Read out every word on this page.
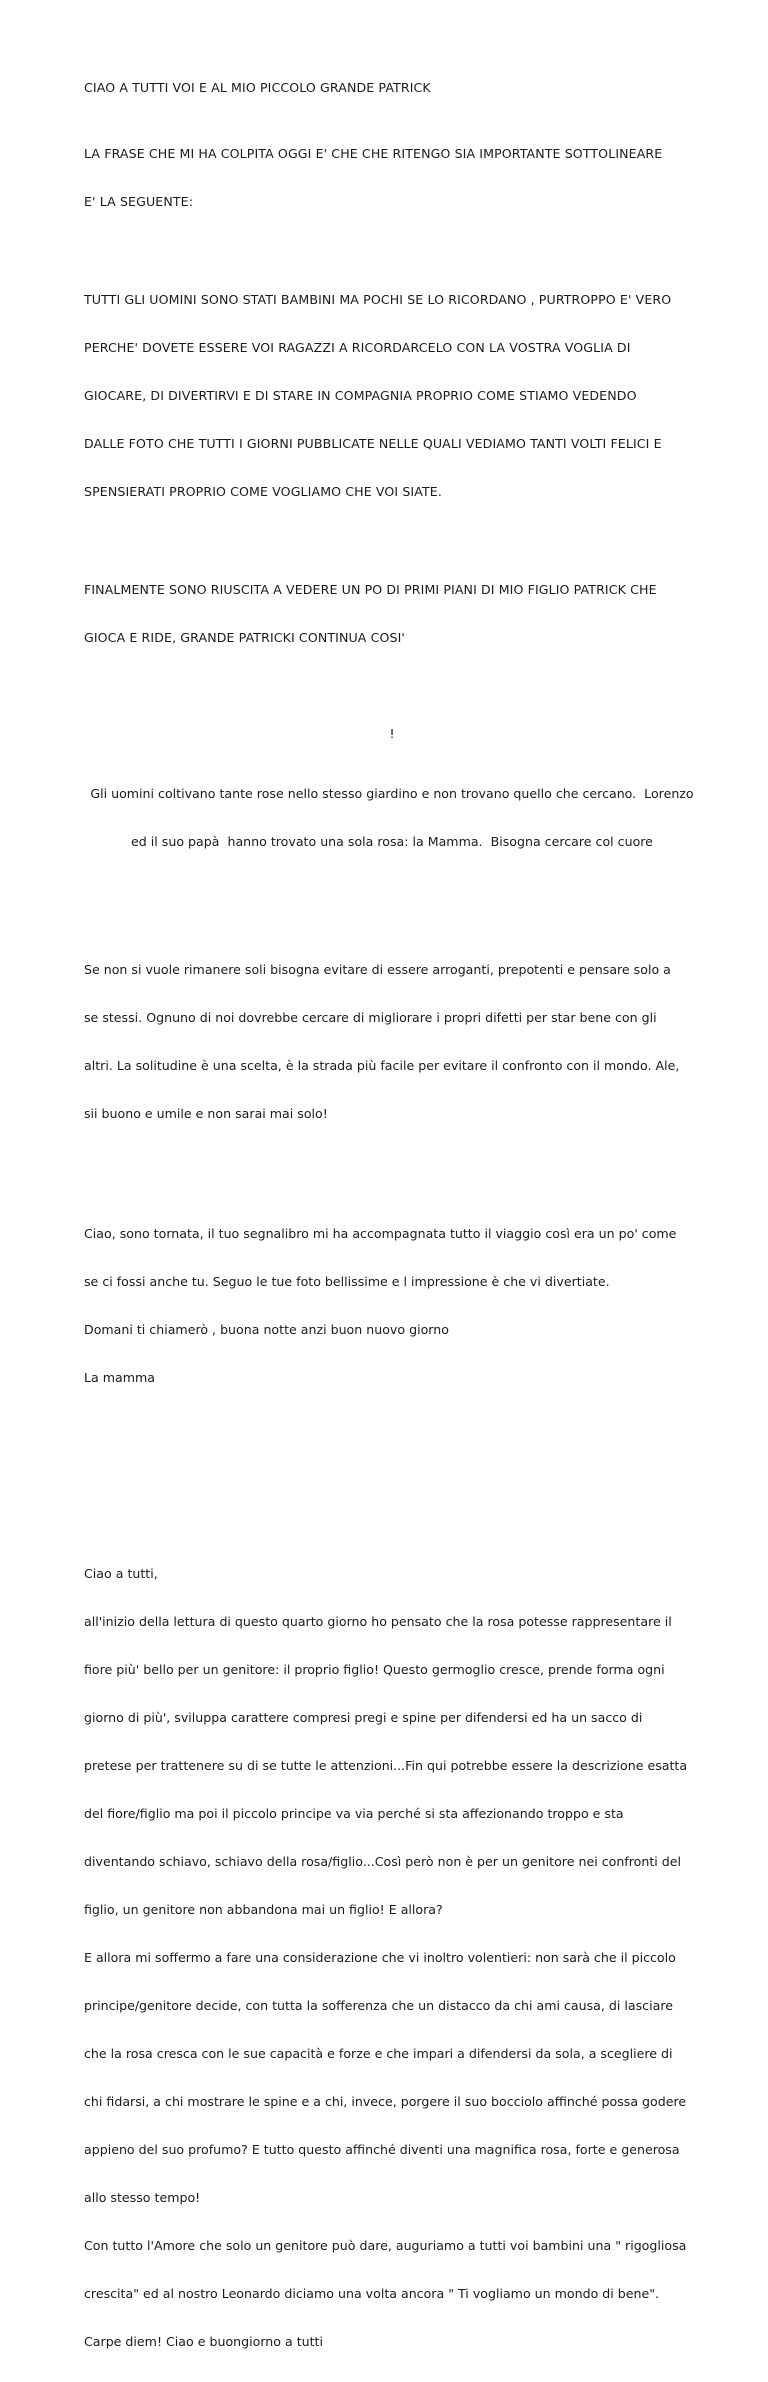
CIAO A TUTTI VOI E AL MIO PICCOLO GRANDE PATRICK

LA FRASE CHE MI HA COLPITA OGGI E' CHE CHE RITENGO SIA IMPORTANTE SOTTOLINEARE

E' LA SEGUENTE:

TUTTI GLI UOMINI SONO STATI BAMBINI MA POCHI SE LO RICORDANO , PURTROPPO E' VERO

PERCHE' DOVETE ESSERE VOI RAGAZZI A RICORDARCELO CON LA VOSTRA VOGLIA DI

GIOCARE, DI DIVERTIRVI E DI STARE IN COMPAGNIA PROPRIO COME STIAMO VEDENDO

DALLE FOTO CHE TUTTI I GIORNI PUBBLICATE NELLE QUALI VEDIAMO TANTI VOLTI FELICI E

SPENSIERATI PROPRIO COME VOGLIAMO CHE VOI SIATE.

FINALMENTE SONO RIUSCITA A VEDERE UN PO DI PRIMI PIANI DI MIO FIGLIO PATRICK CHE

GIOCA E RIDE, GRANDE PATRICKI CONTINUA COSI'

!

Gli uomini coltivano tante rose nello stesso giardino e non trovano quello che cercano.  Lorenzo

ed il suo papà  hanno trovato una sola rosa: la Mamma.  Bisogna cercare col cuore

Se non si vuole rimanere soli bisogna evitare di essere arroganti, prepotenti e pensare solo a

se stessi. Ognuno di noi dovrebbe cercare di migliorare i propri difetti per star bene con gli

altri. La solitudine è una scelta, è la strada più facile per evitare il confronto con il mondo. Ale,

sii buono e umile e non sarai mai solo!

Ciao, sono tornata, il tuo segnalibro mi ha accompagnata tutto il viaggio così era un po' come

se ci fossi anche tu. Seguo le tue foto bellissime e l impressione è che vi divertiate.

Domani ti chiamerò , buona notte anzi buon nuovo giorno

La mamma

Ciao a tutti,

all'inizio della lettura di questo quarto giorno ho pensato che la rosa potesse rappresentare il

fiore più' bello per un genitore: il proprio figlio! Questo germoglio cresce, prende forma ogni

giorno di più', sviluppa carattere compresi pregi e spine per difendersi ed ha un sacco di

pretese per trattenere su di se tutte le attenzioni...Fin qui potrebbe essere la descrizione esatta

del fiore/figlio ma poi il piccolo principe va via perché si sta affezionando troppo e sta

diventando schiavo, schiavo della rosa/figlio...Così però non è per un genitore nei confronti del

figlio, un genitore non abbandona mai un figlio! E allora?

E allora mi soffermo a fare una considerazione che vi inoltro volentieri: non sarà che il piccolo

principe/genitore decide, con tutta la sofferenza che un distacco da chi ami causa, di lasciare

che la rosa cresca con le sue capacità e forze e che impari a difendersi da sola, a scegliere di

chi fidarsi, a chi mostrare le spine e a chi, invece, porgere il suo bocciolo affinché possa godere

appieno del suo profumo? E tutto questo affinché diventi una magnifica rosa, forte e generosa

allo stesso tempo!

Con tutto l'Amore che solo un genitore può dare, auguriamo a tutti voi bambini una " rigogliosa

crescita" ed al nostro Leonardo diciamo una volta ancora " Ti vogliamo un mondo di bene".

Carpe diem! Ciao e buongiorno a tutti
